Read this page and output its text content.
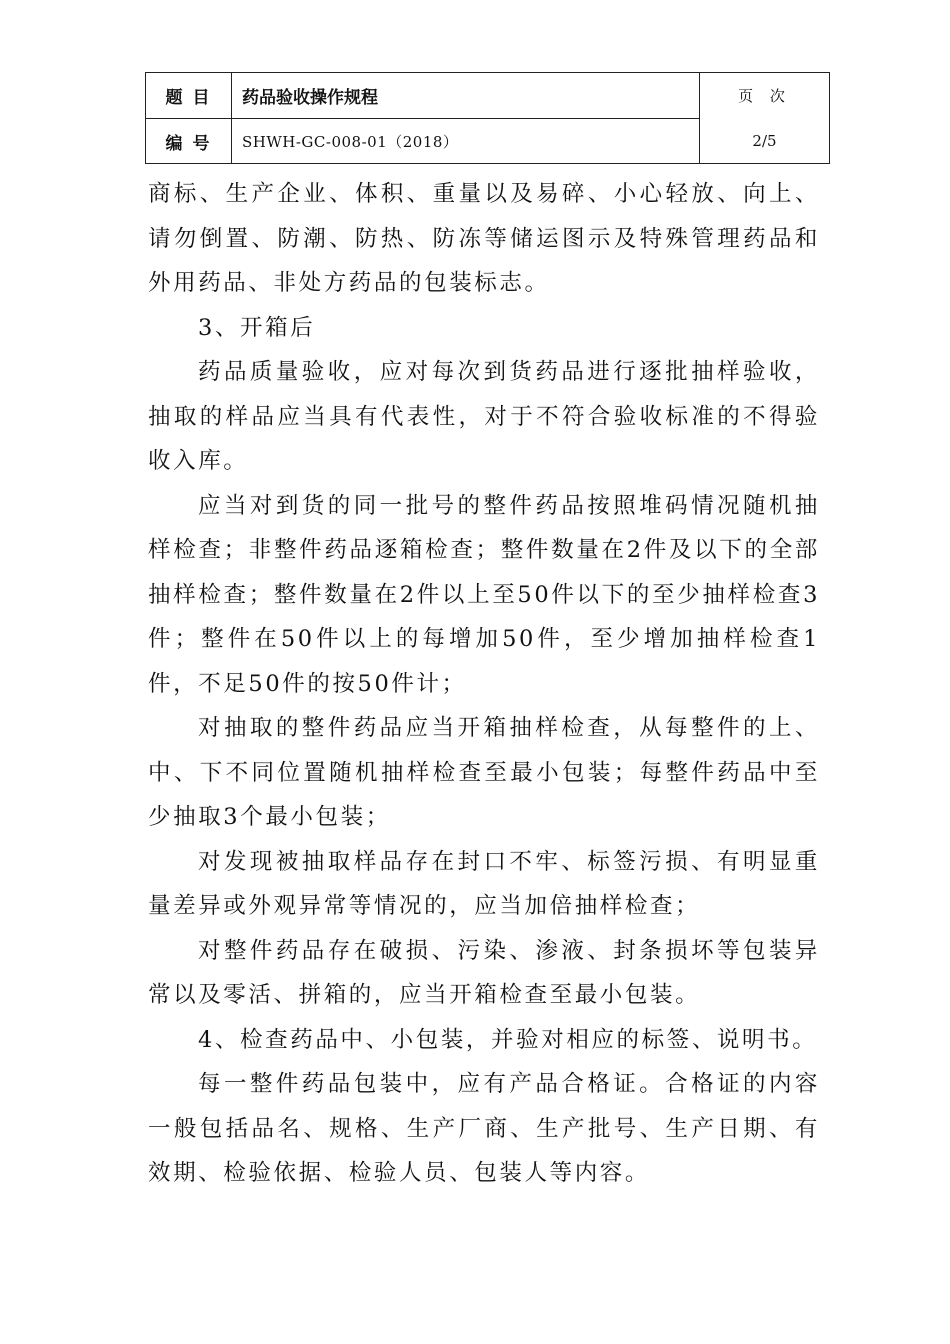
题 目	药品验收操作规程	页 次
2/5

编 号	SHWH-GC-008-01（2018）	

商标、生产企业、体积、重量以及易碎、小心轻放、向上、请勿倒置、防潮、防热、防冻等储运图示及特殊管理药品和外用药品、非处方药品的包装标志。

3、开箱后

药品质量验收，应对每次到货药品进行逐批抽样验收，抽取的样品应当具有代表性，对于不符合验收标准的不得验收入库。

应当对到货的同一批号的整件药品按照堆码情况随机抽样检查；非整件药品逐箱检查；整件数量在2件及以下的全部抽样检查；整件数量在2件以上至50件以下的至少抽样检查3件；整件在50件以上的每增加50件，至少增加抽样检查1件，不足50件的按50件计；

对抽取的整件药品应当开箱抽样检查，从每整件的上、中、下不同位置随机抽样检查至最小包装；每整件药品中至少抽取3个最小包装；

对发现被抽取样品存在封口不牢、标签污损、有明显重量差异或外观异常等情况的，应当加倍抽样检查；

对整件药品存在破损、污染、渗液、封条损坏等包装异常以及零活、拼箱的，应当开箱检查至最小包装。

4、检查药品中、小包装，并验对相应的标签、说明书。

每一整件药品包装中，应有产品合格证。合格证的内容一般包括品名、规格、生产厂商、生产批号、生产日期、有效期、检验依据、检验人员、包装人等内容。
